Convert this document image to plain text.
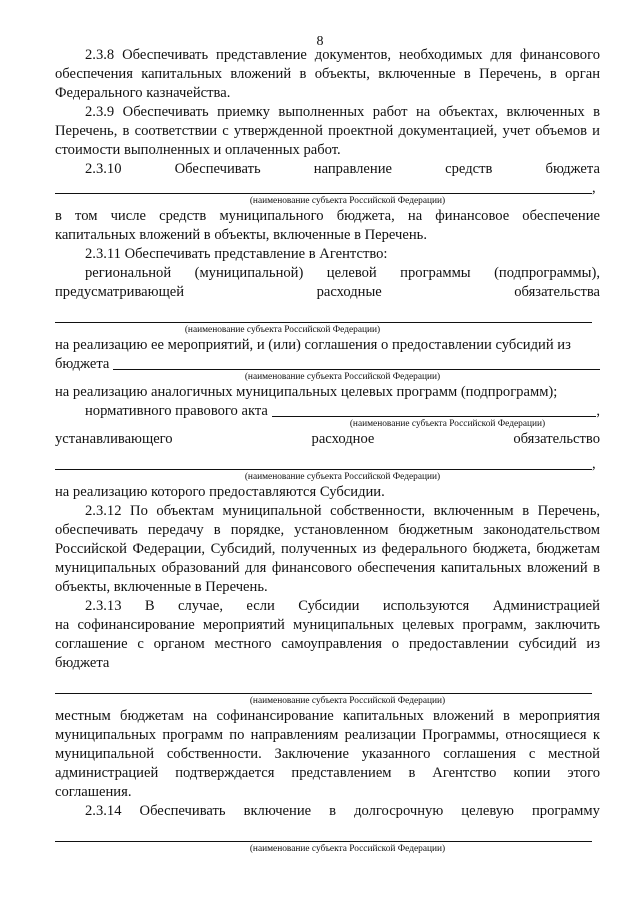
8

2.3.8 Обеспечивать представление документов, необходимых для финансового обеспечения капитальных вложений в объекты, включенные в Перечень, в орган Федерального казначейства.

2.3.9 Обеспечивать приемку выполненных работ на объектах, включенных в Перечень, в соответствии с утвержденной проектной документацией, учет объемов и стоимости выполненных и оплаченных работ.

2.3.10	Обеспечивать	направление	средств	бюджета
,
(наименование субъекта Российской Федерации)

в том числе средств муниципального бюджета, на финансовое обеспечение капитальных вложений в объекты, включенные в Перечень.

2.3.11 Обеспечивать представление в Агентство:

региональной (муниципальной) целевой программы (подпрограммы),
предусматривающей	расходные	обязательства
(наименование субъекта Российской Федерации)

на реализацию ее мероприятий, и (или) соглашения о предоставлении субсидий из

бюджета
(наименование субъекта Российской Федерации)

на реализацию аналогичных муниципальных целевых программ (подпрограмм);

нормативного правового акта	,
(наименование субъекта Российской Федерации)
устанавливающего	расходное	обязательство
,
(наименование субъекта Российской Федерации)

на реализацию которого предоставляются Субсидии.

2.3.12 По объектам муниципальной собственности, включенным в Перечень, обеспечивать передачу в порядке, установленном бюджетным законодательством Российской Федерации, Субсидий, полученных из федерального бюджета, бюджетам муниципальных образований для финансового обеспечения капитальных вложений в объекты, включенные в Перечень.

2.3.13 В случае, если Субсидии используются Администрацией

на софинансирование мероприятий муниципальных целевых программ, заключить соглашение с органом местного самоуправления о предоставлении субсидий из бюджета

(наименование субъекта Российской Федерации)

местным бюджетам на софинансирование капитальных вложений в мероприятия муниципальных программ по направлениям реализации Программы, относящиеся к муниципальной собственности. Заключение указанного соглашения с местной администрацией подтверждается представлением в Агентство копии этого соглашения.

2.3.14 Обеспечивать включение в долгосрочную целевую программу
(наименование субъекта Российской Федерации)
